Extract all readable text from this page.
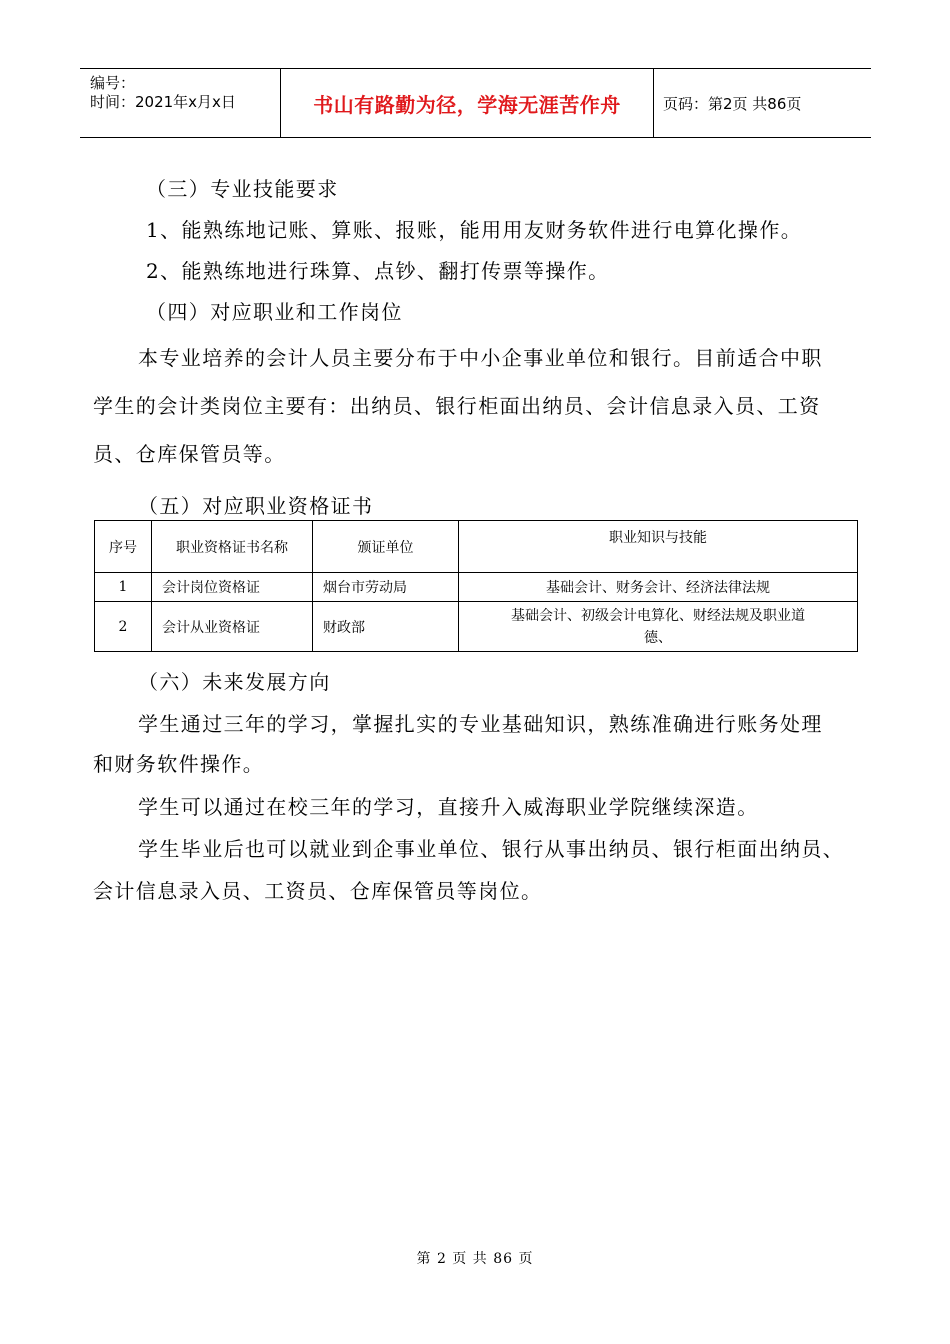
编号：
时间：2021年x月x日	书山有路勤为径，学海无涯苦作舟	页码：第2页 共86页
（三）专业技能要求
1、能熟练地记账、算账、报账，能用用友财务软件进行电算化操作。
2、能熟练地进行珠算、点钞、翻打传票等操作。
（四）对应职业和工作岗位
本专业培养的会计人员主要分布于中小企事业单位和银行。目前适合中职
学生的会计类岗位主要有：出纳员、银行柜面出纳员、会计信息录入员、工资
员、仓库保管员等。
（五）对应职业资格证书
序号	职业资格证书名称	颁证单位	职业知识与技能
1	会计岗位资格证	烟台市劳动局	基础会计、财务会计、经济法律法规
2	会计从业资格证	财政部	基础会计、初级会计电算化、财经法规及职业道
德、
（六）未来发展方向
学生通过三年的学习，掌握扎实的专业基础知识，熟练准确进行账务处理
和财务软件操作。
学生可以通过在校三年的学习，直接升入威海职业学院继续深造。
学生毕业后也可以就业到企事业单位、银行从事出纳员、银行柜面出纳员、
会计信息录入员、工资员、仓库保管员等岗位。
第 2 页 共 86 页
